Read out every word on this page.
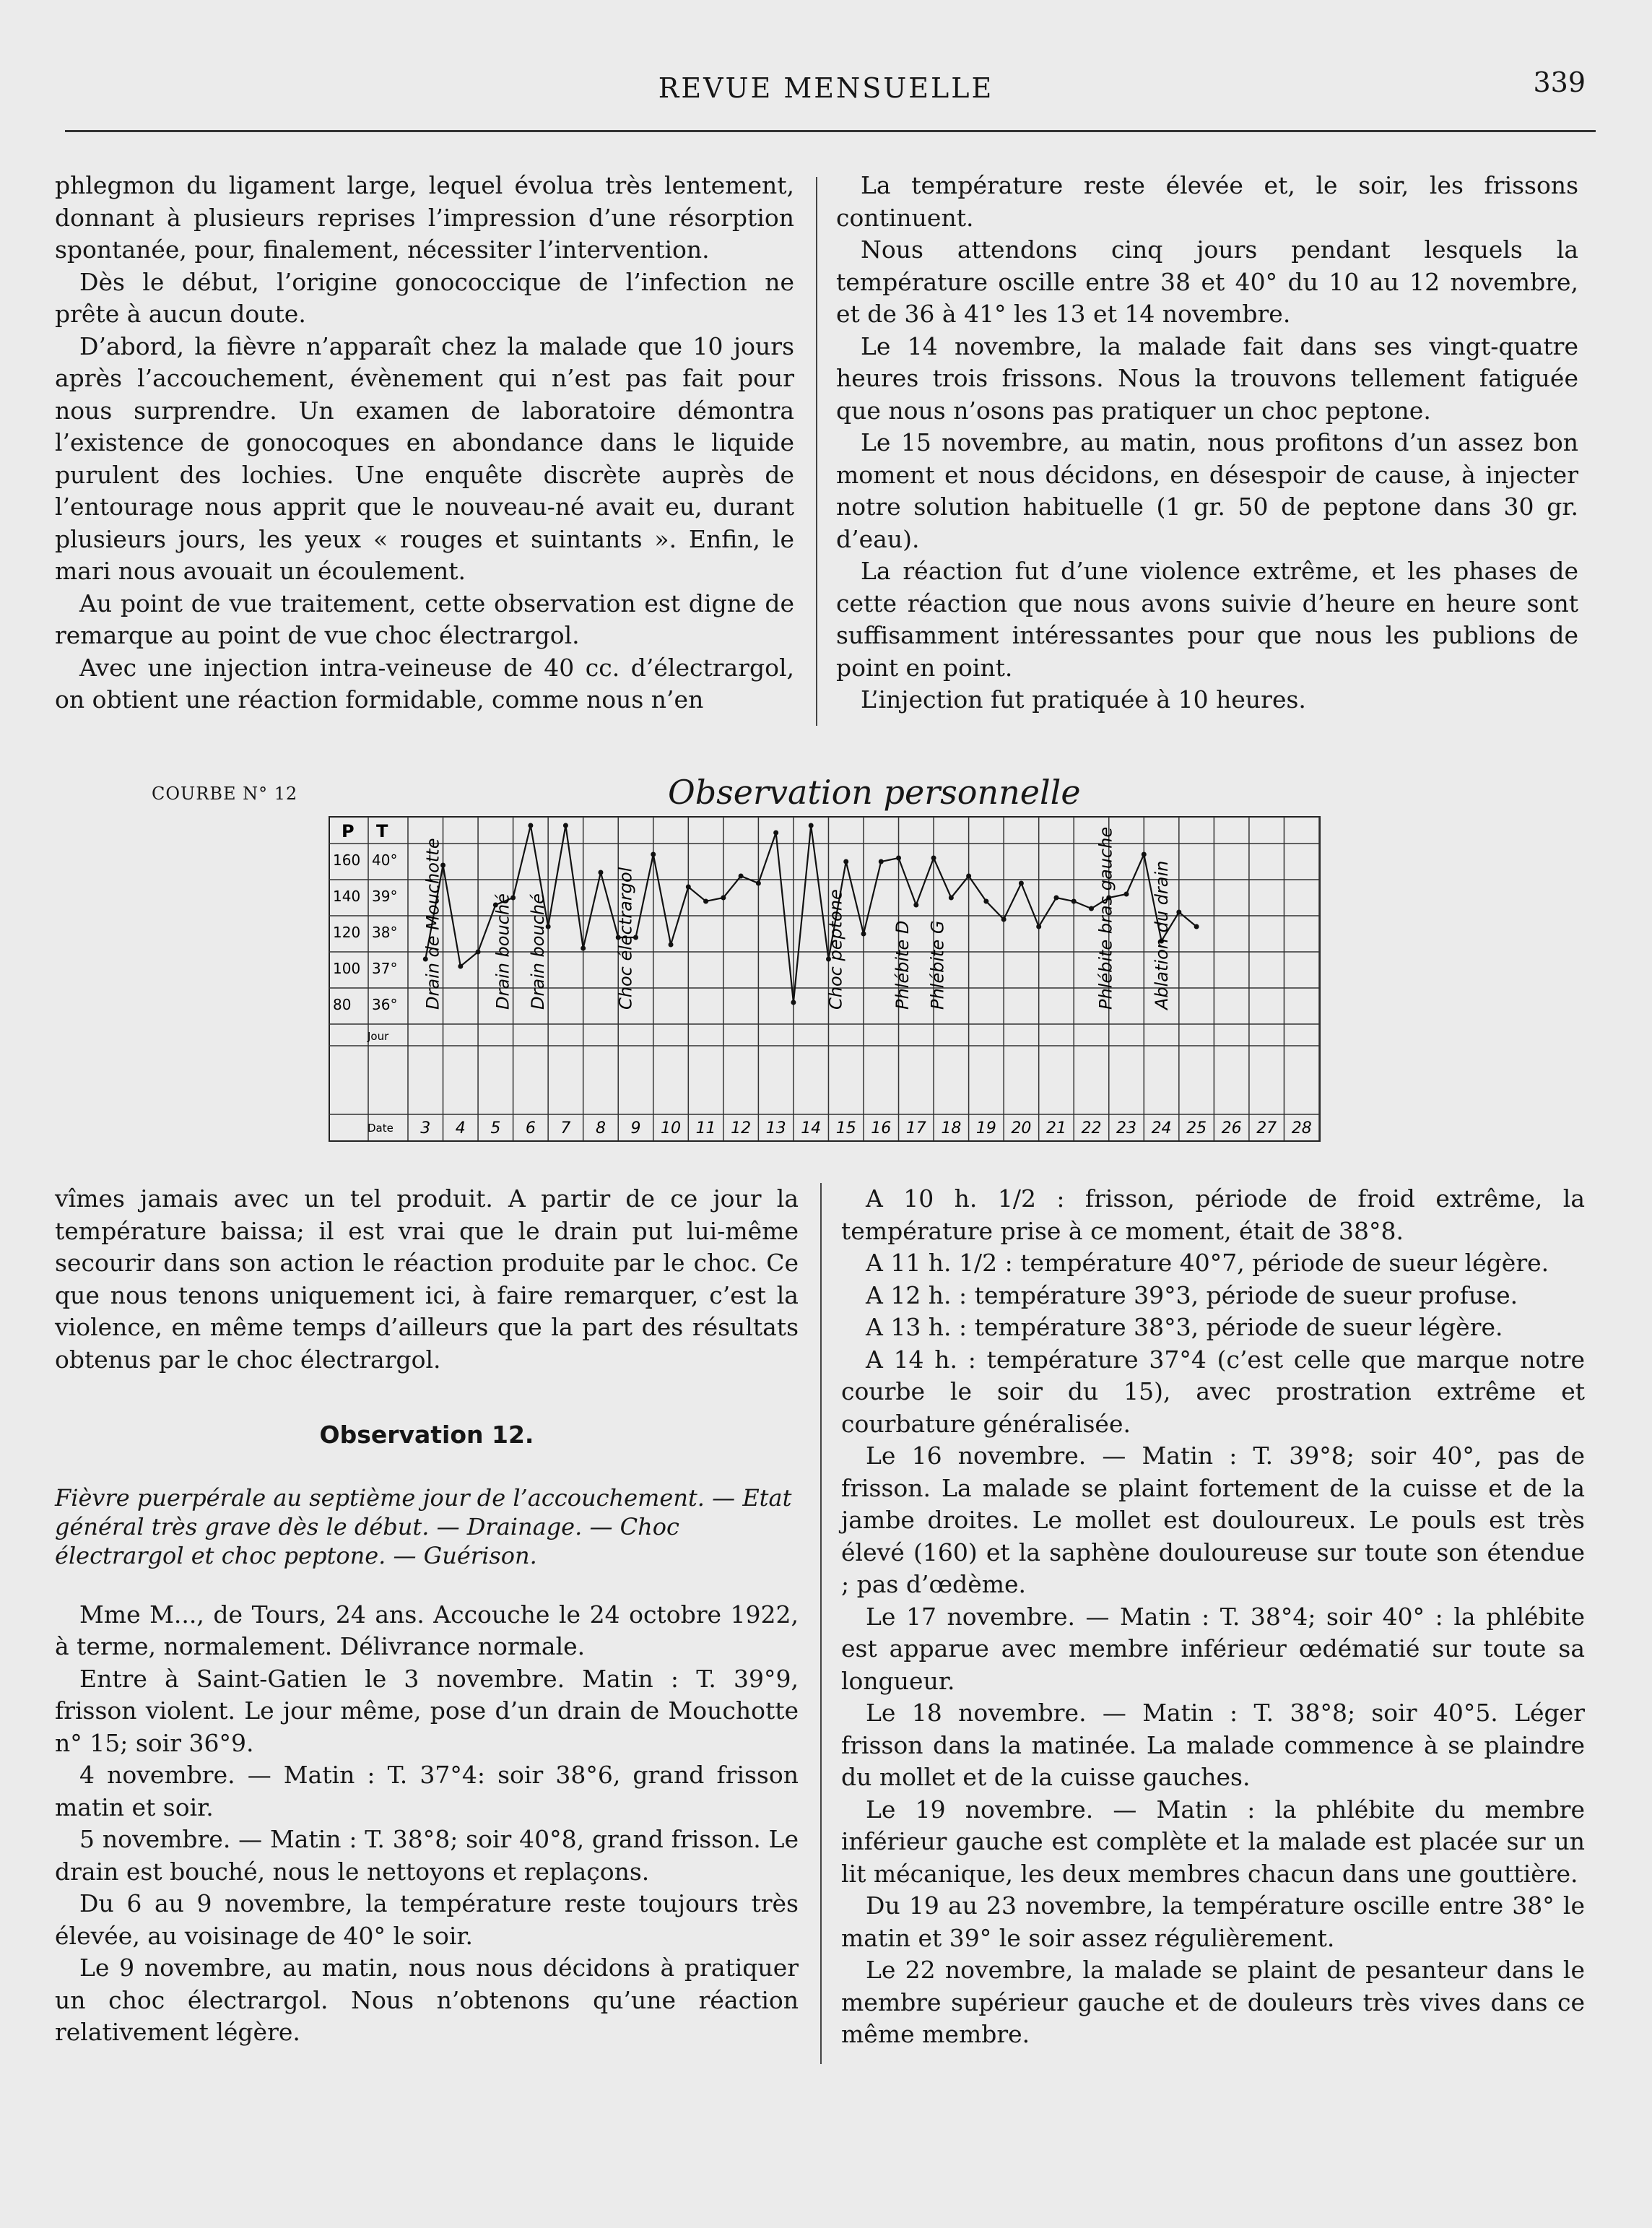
REVUE MENSUELLE	339

phlegmon du ligament large, lequel évolua très lentement, donnant à plusieurs reprises l’impression d’une résorption spontanée, pour, finalement, nécessiter l’intervention.

Dès le début, l’origine gonococcique de l’infection ne prête à aucun doute.

D’abord, la fièvre n’apparaît chez la malade que 10 jours après l’accouchement, évènement qui n’est pas fait pour nous surprendre. Un examen de laboratoire démontra l’existence de gonocoques en abondance dans le liquide purulent des lochies. Une enquête discrète auprès de l’entourage nous apprit que le nouveau-né avait eu, durant plusieurs jours, les yeux « rouges et suintants ». Enfin, le mari nous avouait un écoulement.

Au point de vue traitement, cette observation est digne de remarque au point de vue choc électrargol.

Avec une injection intra-veineuse de 40 cc. d’électrargol, on obtient une réaction formidable, comme nous n’en

La température reste élevée et, le soir, les frissons continuent.

Nous attendons cinq jours pendant lesquels la température oscille entre 38 et 40° du 10 au 12 novembre, et de 36 à 41° les 13 et 14 novembre.

Le 14 novembre, la malade fait dans ses vingt-quatre heures trois frissons. Nous la trouvons tellement fatiguée que nous n’osons pas pratiquer un choc peptone.

Le 15 novembre, au matin, nous profitons d’un assez bon moment et nous décidons, en désespoir de cause, à injecter notre solution habituelle (1 gr. 50 de peptone dans 30 gr. d’eau).

La réaction fut d’une violence extrême, et les phases de cette réaction que nous avons suivie d’heure en heure sont suffisamment intéressantes pour que nous les publions de point en point.

L’injection fut pratiquée à 10 heures.

COURBE N° 12	Observation personnelle
P T
160
140
120
100
80
40°
39°
38°
37°
36°
Jour
Date 3 4 5 6 7 8 9 10 11 12 13 14 15 16 17 18 19 20 21 22 23 24 25 26 27 28
Drain de Mouchotte	Drain bouché Drain bouché	Choc électrargol	Choc peptone	Phlébite D Phlébite G	Phlébite bras gauche Ablation du drain

vîmes jamais avec un tel produit. A partir de ce jour la température baissa; il est vrai que le drain put lui-même secourir dans son action le réaction produite par le choc. Ce que nous tenons uniquement ici, à faire remarquer, c’est la violence, en même temps d’ailleurs que la part des résultats obtenus par le choc électrargol.

Observation 12.

Fièvre puerpérale au septième jour de l’accouchement. — Etat général très grave dès le début. — Drainage. — Choc électrargol et choc peptone. — Guérison.

Mme M..., de Tours, 24 ans. Accouche le 24 octobre 1922, à terme, normalement. Délivrance normale.

Entre à Saint-Gatien le 3 novembre. Matin : T. 39°9, frisson violent. Le jour même, pose d’un drain de Mouchotte n° 15; soir 36°9.

4 novembre. — Matin : T. 37°4: soir 38°6, grand frisson matin et soir.

5 novembre. — Matin : T. 38°8; soir 40°8, grand frisson. Le drain est bouché, nous le nettoyons et replaçons.

Du 6 au 9 novembre, la température reste toujours très élevée, au voisinage de 40° le soir.

Le 9 novembre, au matin, nous nous décidons à pratiquer un choc électrargol. Nous n’obtenons qu’une réaction relativement légère.

A 10 h. 1/2 : frisson, période de froid extrême, la température prise à ce moment, était de 38°8.

A 11 h. 1/2 : température 40°7, période de sueur légère.

A 12 h. : température 39°3, période de sueur profuse.

A 13 h. : température 38°3, période de sueur légère.

A 14 h. : température 37°4 (c’est celle que marque notre courbe le soir du 15), avec prostration extrême et courbature généralisée.

Le 16 novembre. — Matin : T. 39°8; soir 40°, pas de frisson. La malade se plaint fortement de la cuisse et de la jambe droites. Le mollet est douloureux. Le pouls est très élevé (160) et la saphène douloureuse sur toute son étendue ; pas d’œdème.

Le 17 novembre. — Matin : T. 38°4; soir 40° : la phlébite est apparue avec membre inférieur œdématié sur toute sa longueur.

Le 18 novembre. — Matin : T. 38°8; soir 40°5. Léger frisson dans la matinée. La malade commence à se plaindre du mollet et de la cuisse gauches.

Le 19 novembre. — Matin : la phlébite du membre inférieur gauche est complète et la malade est placée sur un lit mécanique, les deux membres chacun dans une gouttière.

Du 19 au 23 novembre, la température oscille entre 38° le matin et 39° le soir assez régulièrement.

Le 22 novembre, la malade se plaint de pesanteur dans le membre supérieur gauche et de douleurs très vives dans ce même membre.
